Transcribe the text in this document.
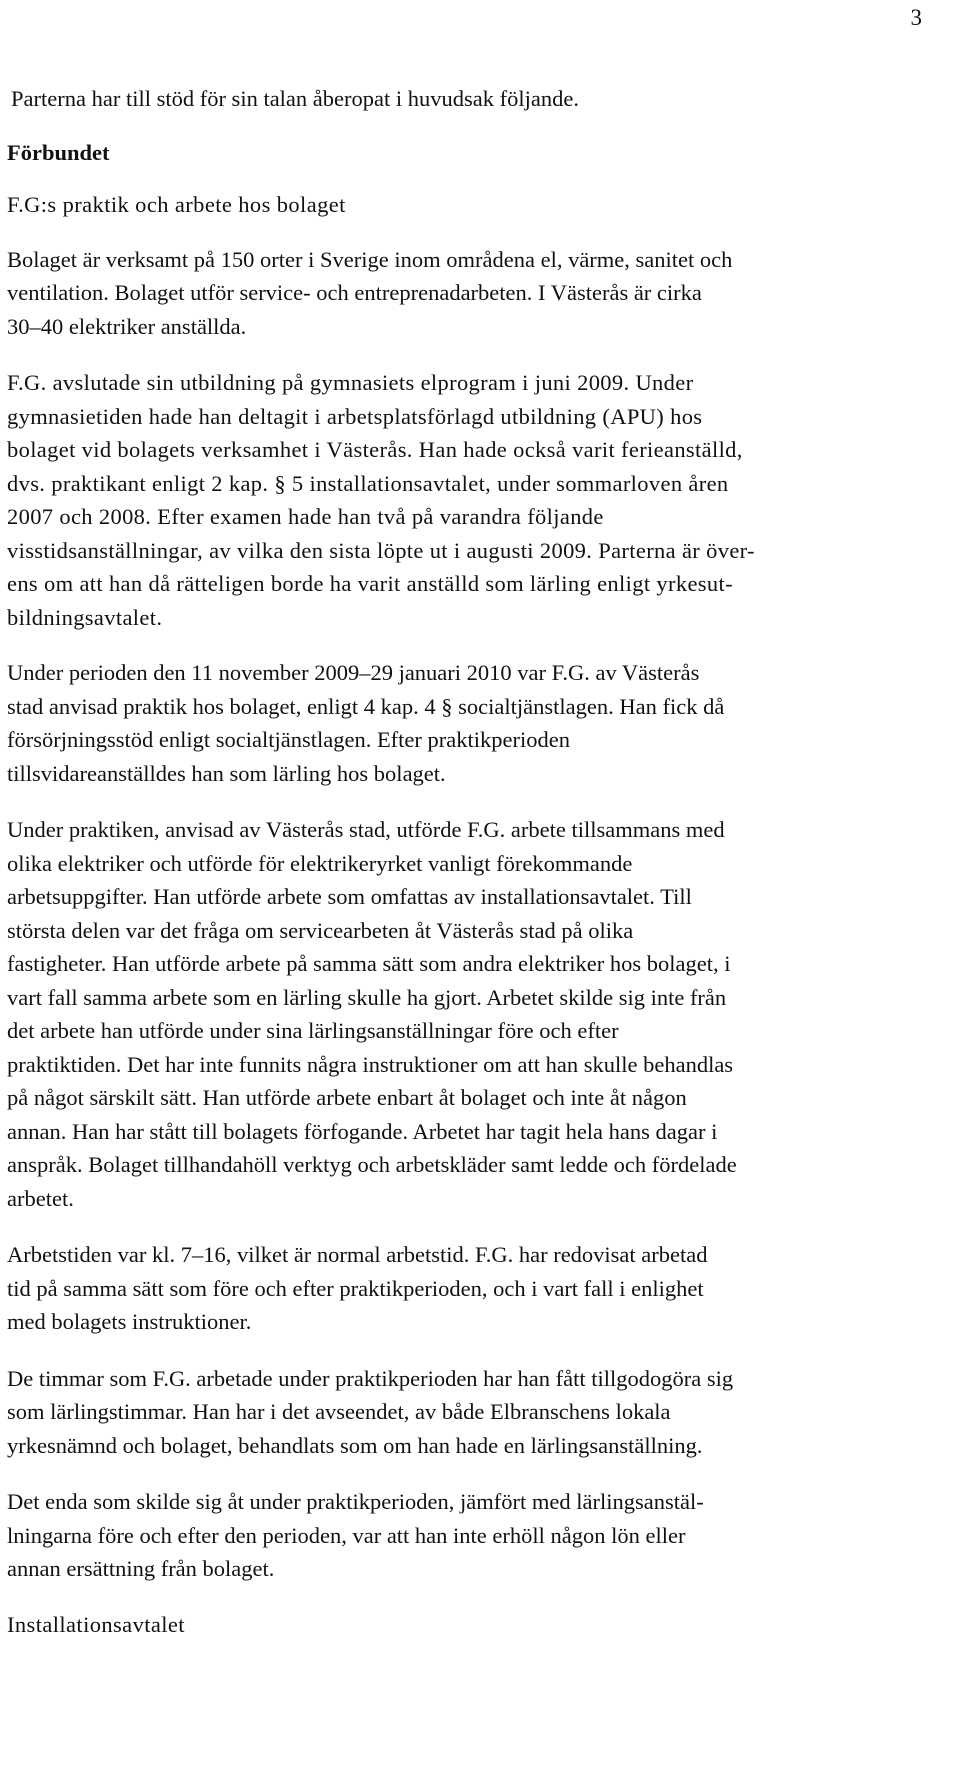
3

Parterna har till stöd för sin talan åberopat i huvudsak följande.

Förbundet

F.G:s praktik och arbete hos bolaget

Bolaget är verksamt på 150 orter i Sverige inom områdena el, värme, sanitet och
ventilation. Bolaget utför service- och entreprenadarbeten. I Västerås är cirka
30–40 elektriker anställda.

F.G. avslutade sin utbildning på gymnasiets elprogram i juni 2009. Under
gymnasietiden hade han deltagit i arbetsplatsförlagd utbildning (APU) hos
bolaget vid bolagets verksamhet i Västerås. Han hade också varit ferieanställd,
dvs. praktikant enligt 2 kap. § 5 installationsavtalet, under sommarloven åren
2007 och 2008. Efter examen hade han två på varandra följande
visstidsanställningar, av vilka den sista löpte ut i augusti 2009. Parterna är över-
ens om att han då rätteligen borde ha varit anställd som lärling enligt yrkesut-
bildningsavtalet.

Under perioden den 11 november 2009–29 januari 2010 var F.G. av Västerås
stad anvisad praktik hos bolaget, enligt 4 kap. 4 § socialtjänstlagen. Han fick då
försörjningsstöd enligt socialtjänstlagen. Efter praktikperioden
tillsvidareanställdes han som lärling hos bolaget.

Under praktiken, anvisad av Västerås stad, utförde F.G. arbete tillsammans med
olika elektriker och utförde för elektrikeryrket vanligt förekommande
arbetsuppgifter. Han utförde arbete som omfattas av installationsavtalet. Till
största delen var det fråga om servicearbeten åt Västerås stad på olika
fastigheter. Han utförde arbete på samma sätt som andra elektriker hos bolaget, i
vart fall samma arbete som en lärling skulle ha gjort. Arbetet skilde sig inte från
det arbete han utförde under sina lärlingsanställningar före och efter
praktiktiden. Det har inte funnits några instruktioner om att han skulle behandlas
på något särskilt sätt. Han utförde arbete enbart åt bolaget och inte åt någon
annan. Han har stått till bolagets förfogande. Arbetet har tagit hela hans dagar i
anspråk. Bolaget tillhandahöll verktyg och arbetskläder samt ledde och fördelade
arbetet.

Arbetstiden var kl. 7–16, vilket är normal arbetstid. F.G. har redovisat arbetad
tid på samma sätt som före och efter praktikperioden, och i vart fall i enlighet
med bolagets instruktioner.

De timmar som F.G. arbetade under praktikperioden har han fått tillgodogöra sig
som lärlingstimmar. Han har i det avseendet, av både Elbranschens lokala
yrkesnämnd och bolaget, behandlats som om han hade en lärlingsanställning.

Det enda som skilde sig åt under praktikperioden, jämfört med lärlingsanstäl-
lningarna före och efter den perioden, var att han inte erhöll någon lön eller
annan ersättning från bolaget.

Installationsavtalet
